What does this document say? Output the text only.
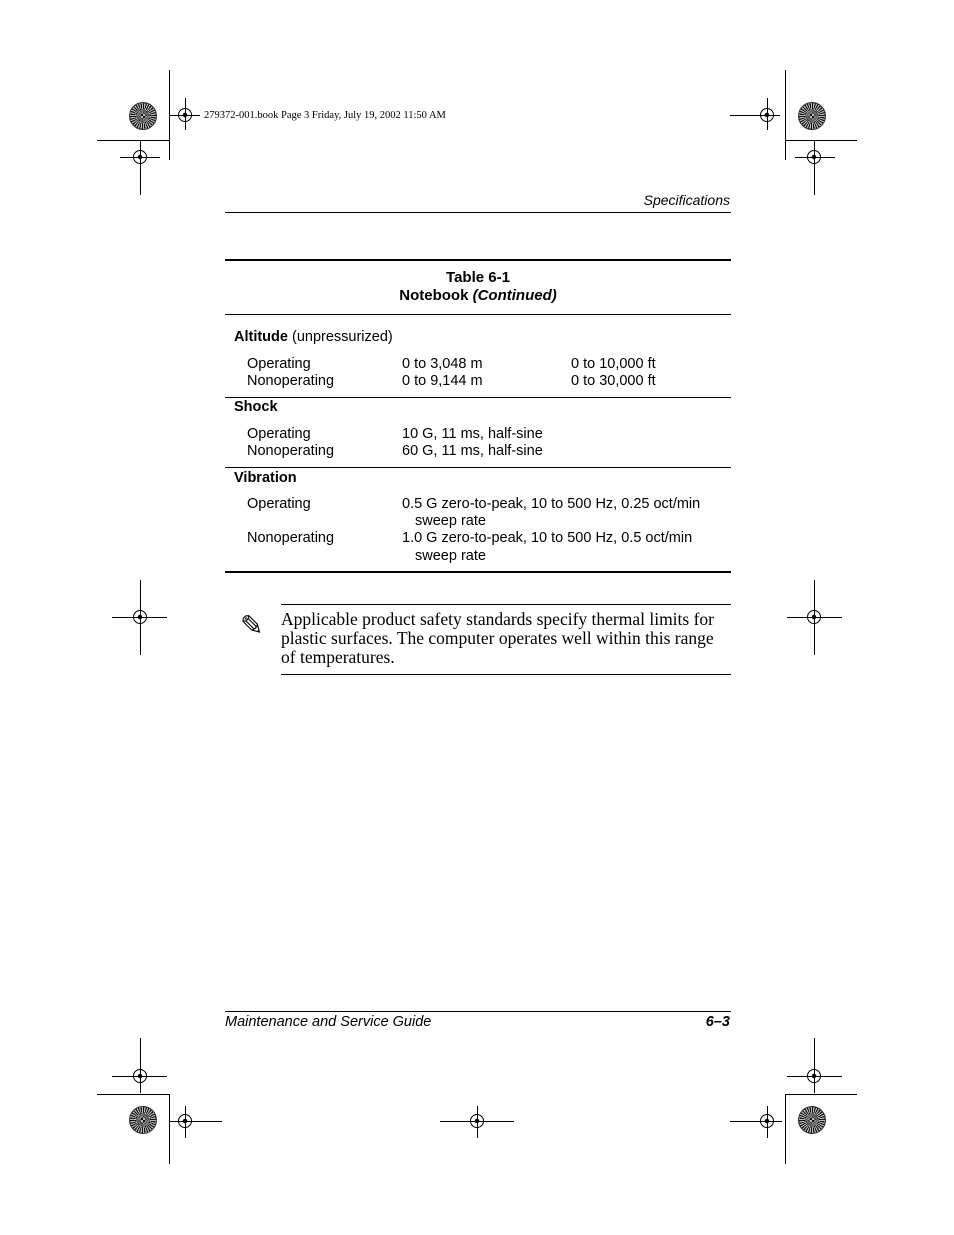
279372-001.book Page 3 Friday, July 19, 2002 11:50 AM
Specifications
Table 6-1
Notebook (Continued)
Altitude (unpressurized)
Operating	0 to 3,048 m	0 to 10,000 ft
Nonoperating	0 to 9,144 m	0 to 30,000 ft
Shock
Operating	10 G, 11 ms, half-sine
Nonoperating	60 G, 11 ms, half-sine
Vibration
Operating	0.5 G zero-to-peak, 10 to 500 Hz, 0.25 oct/min
sweep rate
Nonoperating	1.0 G zero-to-peak, 10 to 500 Hz, 0.5 oct/min
sweep rate
✎ Applicable product safety standards specify thermal limits for plastic surfaces. The computer operates well within this range of temperatures.
Maintenance and Service Guide	6–3
